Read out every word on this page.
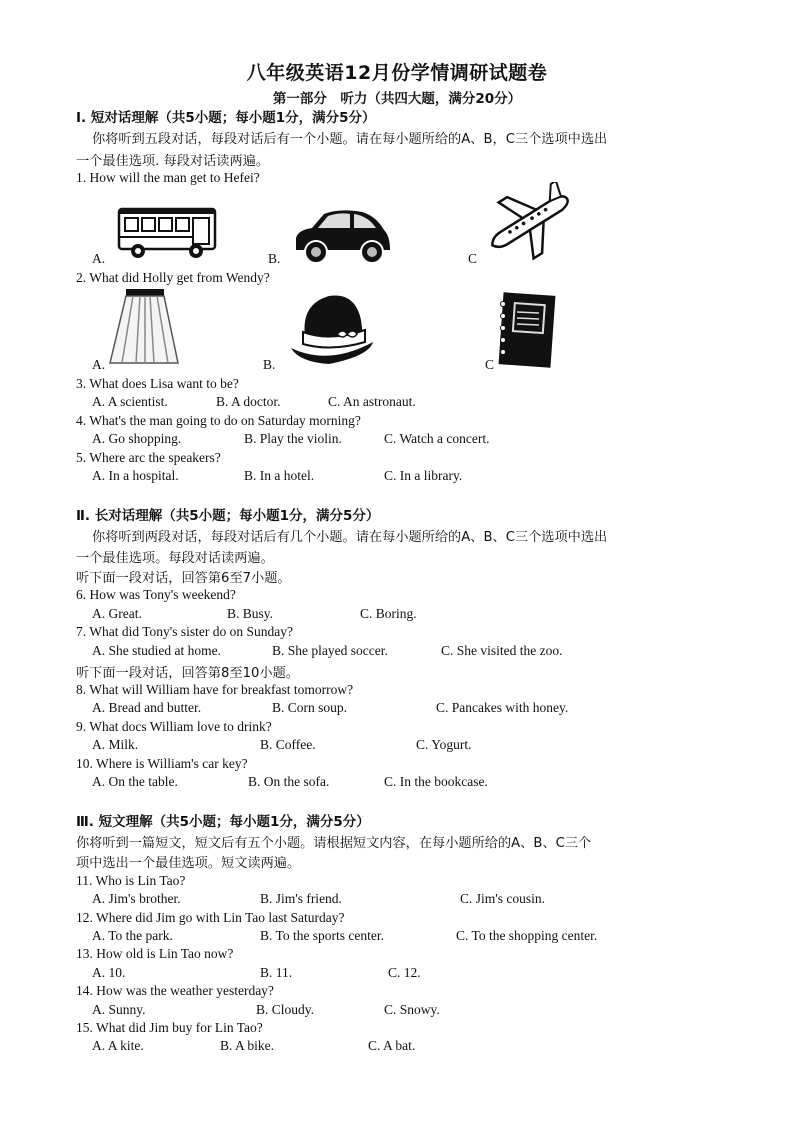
八年级英语12月份学情调研试题卷
第一部分　听力（共四大题，满分20分）
Ⅰ. 短对话理解（共5小题；每小题1分，满分5分）
你将听到五段对话，每段对话后有一个小题。请在每小题所给的A、B，C三个选项中选出
一个最佳选项. 每段对话读两遍。
1. How will the man get to Hefei?
A.	B.	C
2. What did Holly get from Wendy?
A.	B.	C
3. What does Lisa want to be?
A. A scientist.	B. A doctor.	C. An astronaut.
4. What's the man going to do on Saturday morning?
A. Go shopping.	B. Play the violin.	C. Watch a concert.
5. Where arc the speakers?
A. In a hospital.	B. In a hotel.	C. In a library.
Ⅱ. 长对话理解（共5小题；每小题1分，满分5分）
你将听到两段对话，每段对话后有几个小题。请在每小题所给的A、B、C三个选项中选出
一个最佳选项。每段对话读两遍。
听下面一段对话，回答第6至7小题。
6. How was Tony's weekend?
A. Great.	B. Busy.	C. Boring.
7. What did Tony's sister do on Sunday?
A. She studied at home.	B. She played soccer.	C. She visited the zoo.
听下面一段对话，回答第8至10小题。
8. What will William have for breakfast tomorrow?
A. Bread and butter.	B. Corn soup.	C. Pancakes with honey.
9. What docs William love to drink?
A. Milk.	B. Coffee.	C. Yogurt.
10. Where is William's car key?
A. On the table.	B. On the sofa.	C. In the bookcase.
Ⅲ. 短文理解（共5小题；每小题1分，满分5分）
你将听到一篇短文，短文后有五个小题。请根据短文内容，在每小题所给的A、B、C三个
项中选出一个最佳选项。短文读两遍。
11. Who is Lin Tao?
A. Jim's brother.	B. Jim's friend.	C. Jim's cousin.
12. Where did Jim go with Lin Tao last Saturday?
A. To the park.	B. To the sports center.	C. To the shopping center.
13. How old is Lin Tao now?
A. 10.	B. 11.	C. 12.
14. How was the weather yesterday?
A. Sunny.	B. Cloudy.	C. Snowy.
15. What did Jim buy for Lin Tao?
A. A kite.	B. A bike.	C. A bat.
